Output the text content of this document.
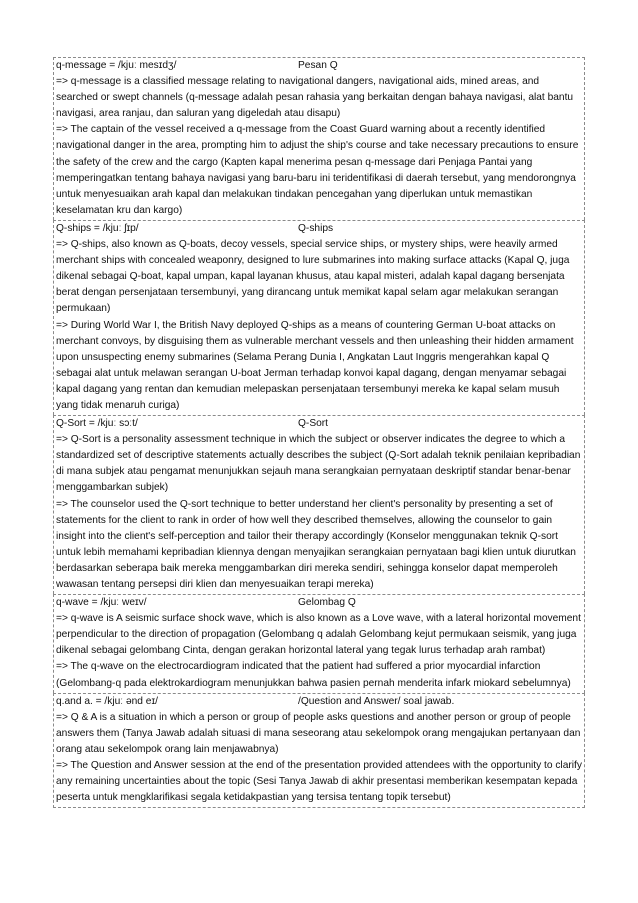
q-message = /kjuː mesɪdʒ/	Pesan Q

=> q-message is a classified message relating to navigational dangers, navigational aids, mined areas, and searched or swept channels (q-message adalah pesan rahasia yang berkaitan dengan bahaya navigasi, alat bantu navigasi, area ranjau, dan saluran yang digeledah atau disapu)

=> The captain of the vessel received a q-message from the Coast Guard warning about a recently identified navigational danger in the area, prompting him to adjust the ship's course and take necessary precautions to ensure the safety of the crew and the cargo (Kapten kapal menerima pesan q-message dari Penjaga Pantai yang memperingatkan tentang bahaya navigasi yang baru-baru ini teridentifikasi di daerah tersebut, yang mendorongnya untuk menyesuaikan arah kapal dan melakukan tindakan pencegahan yang diperlukan untuk memastikan keselamatan kru dan kargo)

Q-ships = /kjuː ʃɪp/	Q-ships

=> Q-ships, also known as Q-boats, decoy vessels, special service ships, or mystery ships, were heavily armed merchant ships with concealed weaponry, designed to lure submarines into making surface attacks (Kapal Q, juga dikenal sebagai Q-boat, kapal umpan, kapal layanan khusus, atau kapal misteri, adalah kapal dagang bersenjata berat dengan persenjataan tersembunyi, yang dirancang untuk memikat kapal selam agar melakukan serangan permukaan)

=> During World War I, the British Navy deployed Q-ships as a means of countering German U-boat attacks on merchant convoys, by disguising them as vulnerable merchant vessels and then unleashing their hidden armament upon unsuspecting enemy submarines (Selama Perang Dunia I, Angkatan Laut Inggris mengerahkan kapal Q sebagai alat untuk melawan serangan U-boat Jerman terhadap konvoi kapal dagang, dengan menyamar sebagai kapal dagang yang rentan dan kemudian melepaskan persenjataan tersembunyi mereka ke kapal selam musuh yang tidak menaruh curiga)

Q-Sort = /kjuː sɔːt/	Q-Sort

=> Q-Sort is a personality assessment technique in which the subject or observer indicates the degree to which a standardized set of descriptive statements actually describes the subject (Q-Sort adalah teknik penilaian kepribadian di mana subjek atau pengamat menunjukkan sejauh mana serangkaian pernyataan deskriptif standar benar-benar menggambarkan subjek)

=> The counselor used the Q-sort technique to better understand her client's personality by presenting a set of statements for the client to rank in order of how well they described themselves, allowing the counselor to gain insight into the client's self-perception and tailor their therapy accordingly (Konselor menggunakan teknik Q-sort untuk lebih memahami kepribadian kliennya dengan menyajikan serangkaian pernyataan bagi klien untuk diurutkan berdasarkan seberapa baik mereka menggambarkan diri mereka sendiri, sehingga konselor dapat memperoleh wawasan tentang persepsi diri klien dan menyesuaikan terapi mereka)

q-wave = /kjuː weɪv/	Gelombag Q

=> q-wave is A seismic surface shock wave, which is also known as a Love wave, with a lateral horizontal movement perpendicular to the direction of propagation (Gelombang q adalah Gelombang kejut permukaan seismik, yang juga dikenal sebagai gelombang Cinta, dengan gerakan horizontal lateral yang tegak lurus terhadap arah rambat)

=> The q-wave on the electrocardiogram indicated that the patient had suffered a prior myocardial infarction (Gelombang-q pada elektrokardiogram menunjukkan bahwa pasien pernah menderita infark miokard sebelumnya)

q.and a. = /kjuː ənd eɪ/	/Question and Answer/ soal jawab.

=> Q & A is a situation in which a person or group of people asks questions and another person or group of people answers them (Tanya Jawab adalah situasi di mana seseorang atau sekelompok orang mengajukan pertanyaan dan orang atau sekelompok orang lain menjawabnya)

=> The Question and Answer session at the end of the presentation provided attendees with the opportunity to clarify any remaining uncertainties about the topic (Sesi Tanya Jawab di akhir presentasi memberikan kesempatan kepada peserta untuk mengklarifikasi segala ketidakpastian yang tersisa tentang topik tersebut)
